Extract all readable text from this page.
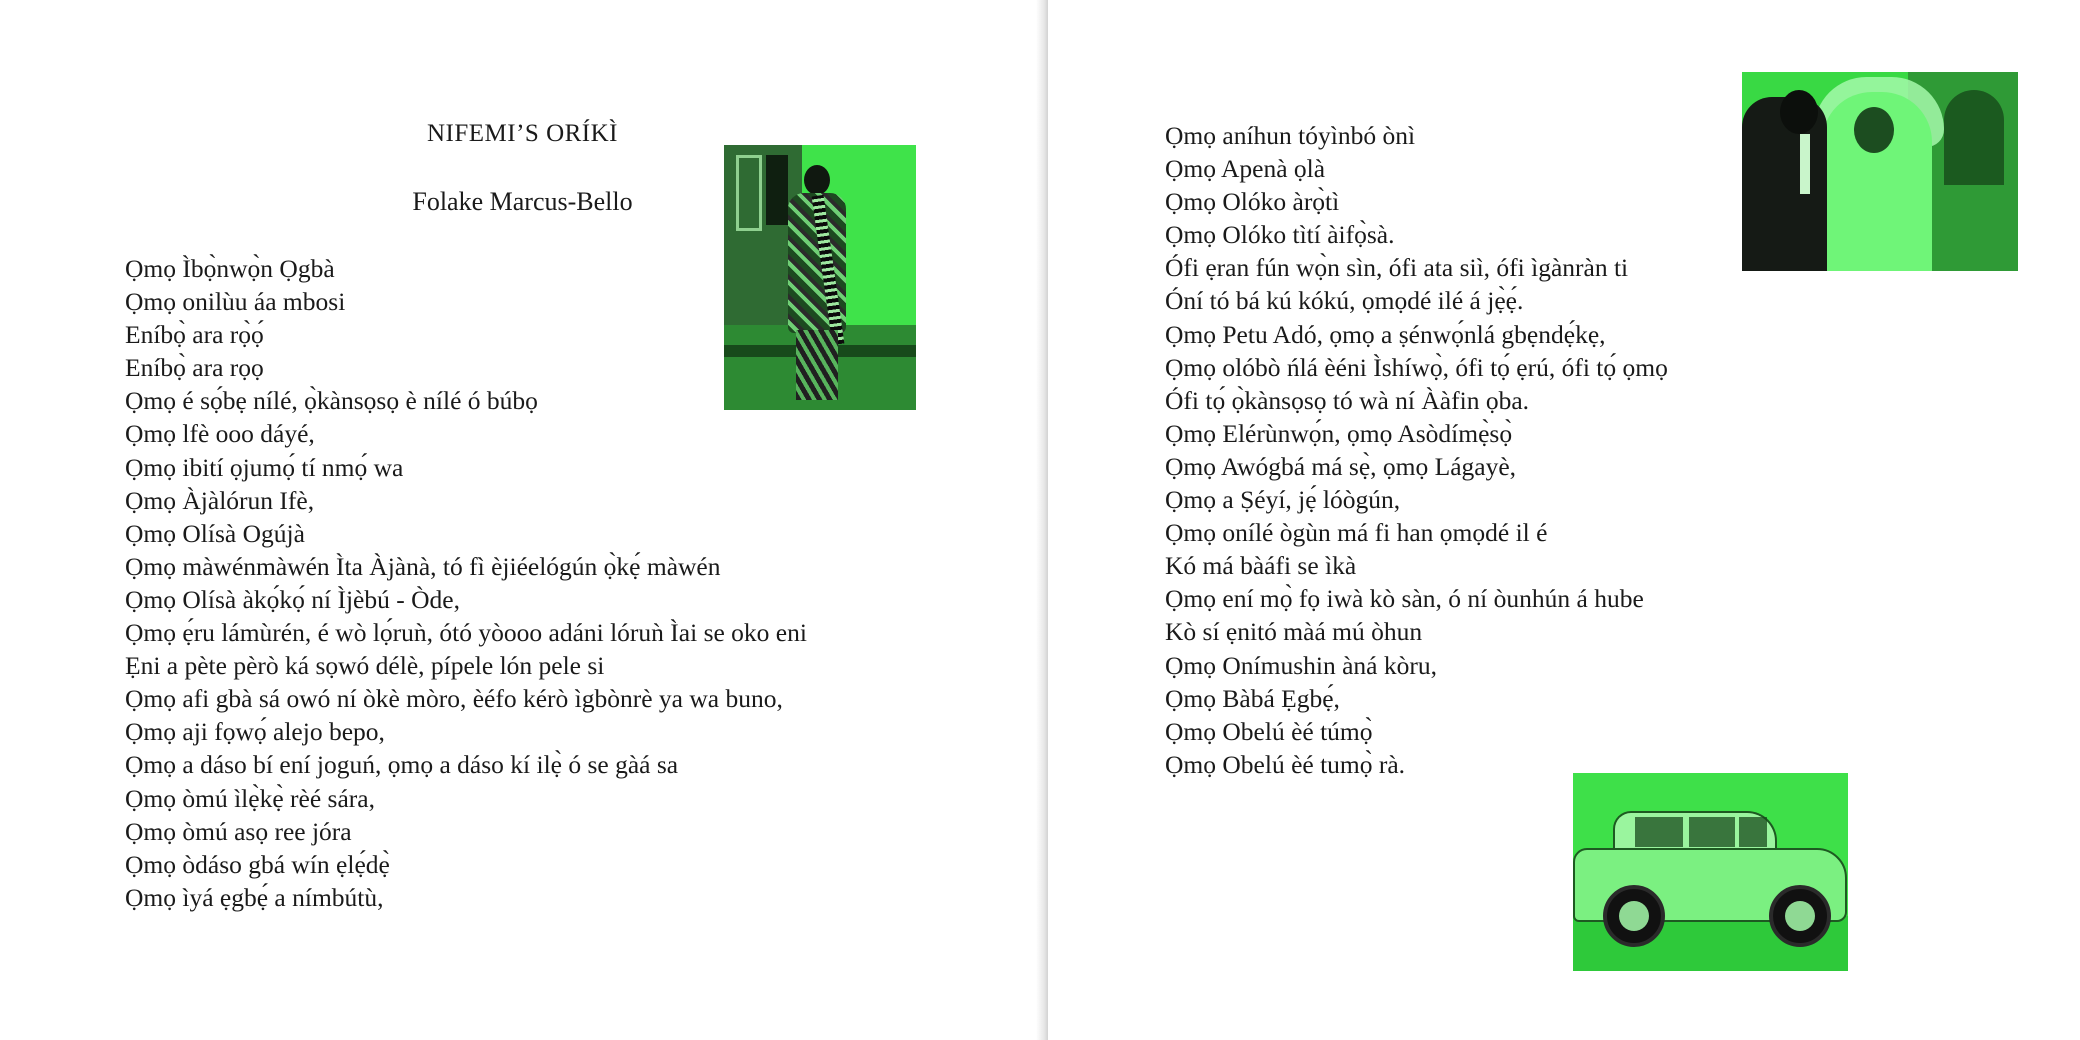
NIFEMI’S ORÍKÌ

Folake Marcus-Bello

Ọmọ Ìbọ̀nwọ̀n Ọgbà
Ọmọ onilùu áa mbosi
Eníbọ̀ ara rọ̀ọ́
Eníbọ̀ ara rọọ
Ọmọ é sọ́bẹ nílé, ọ̀kànsọsọ è nílé ó búbọ
Ọmọ lfè ooo dáyé,
Ọmọ ibití ọjumọ́ tí nmọ́ wa
Ọmọ Àjàlórun Ifè,
Ọmọ Olísà Ogújà
Ọmọ màwénmàwén Ìta Àjànà, tó fì èjiéelógún ọ̀kẹ́ màwén
Ọmọ Olísà àkọ́kọ́ ní Ìjèbú - Òde,
Ọmọ ẹ́ru lámùrén, é wò lọ́ruǹ, ótó yòooo adáni lóruǹ Ìai se oko eni
Ẹni a pète pèrò ká sọwó délè, pípele lón pele si
Ọmọ afi gbà sá owó ní òkè mòro, èéfo kérò ìgbònrè ya wa buno,
Ọmọ aji fọwọ́ alejo bepo,
Ọmọ a dáso bí ení joguń, ọmọ a dáso kí ilẹ̀ ó se gàá sa
Ọmọ òmú ìlẹ̀kẹ̀ rèé sára,
Ọmọ òmú asọ ree jóra
Ọmọ òdáso gbá wín ẹlẹ́dẹ̀
Ọmọ ìyá ẹgbẹ́ a nímbútù,
Ọmọ aníhun tóyìnbó ònì
Ọmọ Apenà ọlà
Ọmọ Olóko àrọ̀tì
Ọmọ Olóko tìtí àifọ̀sà.
Ófi ẹran fún wọ̀n sìn, ófi ata siì, ófi ìgànràn ti
Óní tó bá kú kókú, ọmọdé ilé á jẹ̀ẹ́.
Ọmọ Petu Adó, ọmọ a ṣénwọ́nlá gbẹndẹ́kẹ,
Ọmọ olóbò ńlá èéni Ìshíwọ̀, ófi tọ́ ẹrú, ófi tọ́ ọmọ
Ófi tọ́ ọ̀kànsọsọ tó wà ní Ààfin ọba.
Ọmọ Elérùnwọ́n, ọmọ Asòdímẹ̀sọ̀
Ọmọ Awógbá má sẹ̀, ọmọ Lágayè,
Ọmọ a Ṣéyí, jẹ́ lóògún,
Ọmọ onílé ògùn má fi han ọmọdé il é
Kó má bàáfi se ìkà
Ọmọ ení mọ̀ fọ iwà kò sàn, ó ní òunhún á hube
Kò sí ẹnitó màá mú òhun
Ọmọ Onímushin àná kòru,
Ọmọ Bàbá Ẹgbẹ́,
Ọmọ Obelú èé túmọ̀
Ọmọ Obelú èé tumọ̀ rà.
